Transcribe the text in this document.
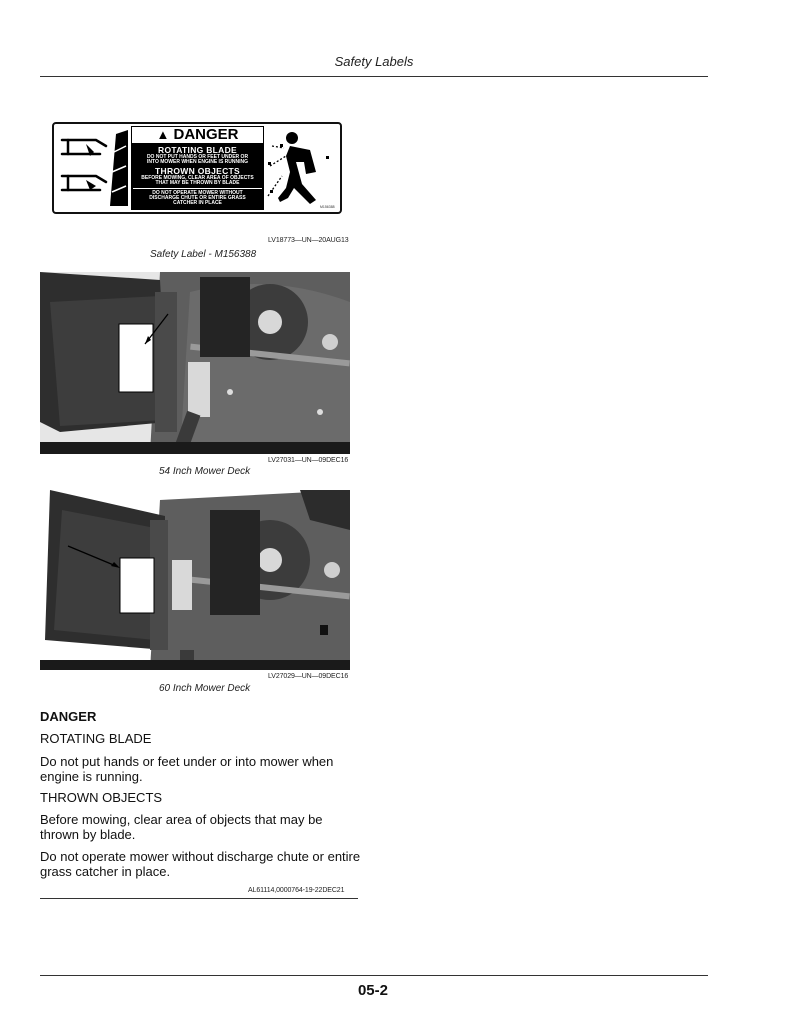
Safety Labels
▲ DANGER
ROTATING BLADE
DO NOT PUT HANDS OR FEET UNDER OR
INTO MOWER WHEN ENGINE IS RUNNING
THROWN OBJECTS
BEFORE MOWING, CLEAR AREA OF OBJECTS
THAT MAY BE THROWN BY BLADE
DO NOT OPERATE MOWER WITHOUT
DISCHARGE CHUTE OR ENTIRE GRASS
CATCHER IN PLACE
M156388
LV18773—UN—20AUG13
Safety Label - M156388
LV27031—UN—09DEC16
54 Inch Mower Deck
LV27029—UN—09DEC16
60 Inch Mower Deck
DANGER
ROTATING BLADE
Do not put hands or feet under or into mower when engine is running.
THROWN OBJECTS
Before mowing, clear area of objects that may be thrown by blade.
Do not operate mower without discharge chute or entire grass catcher in place.
AL61114,0000764-19-22DEC21
05-2
